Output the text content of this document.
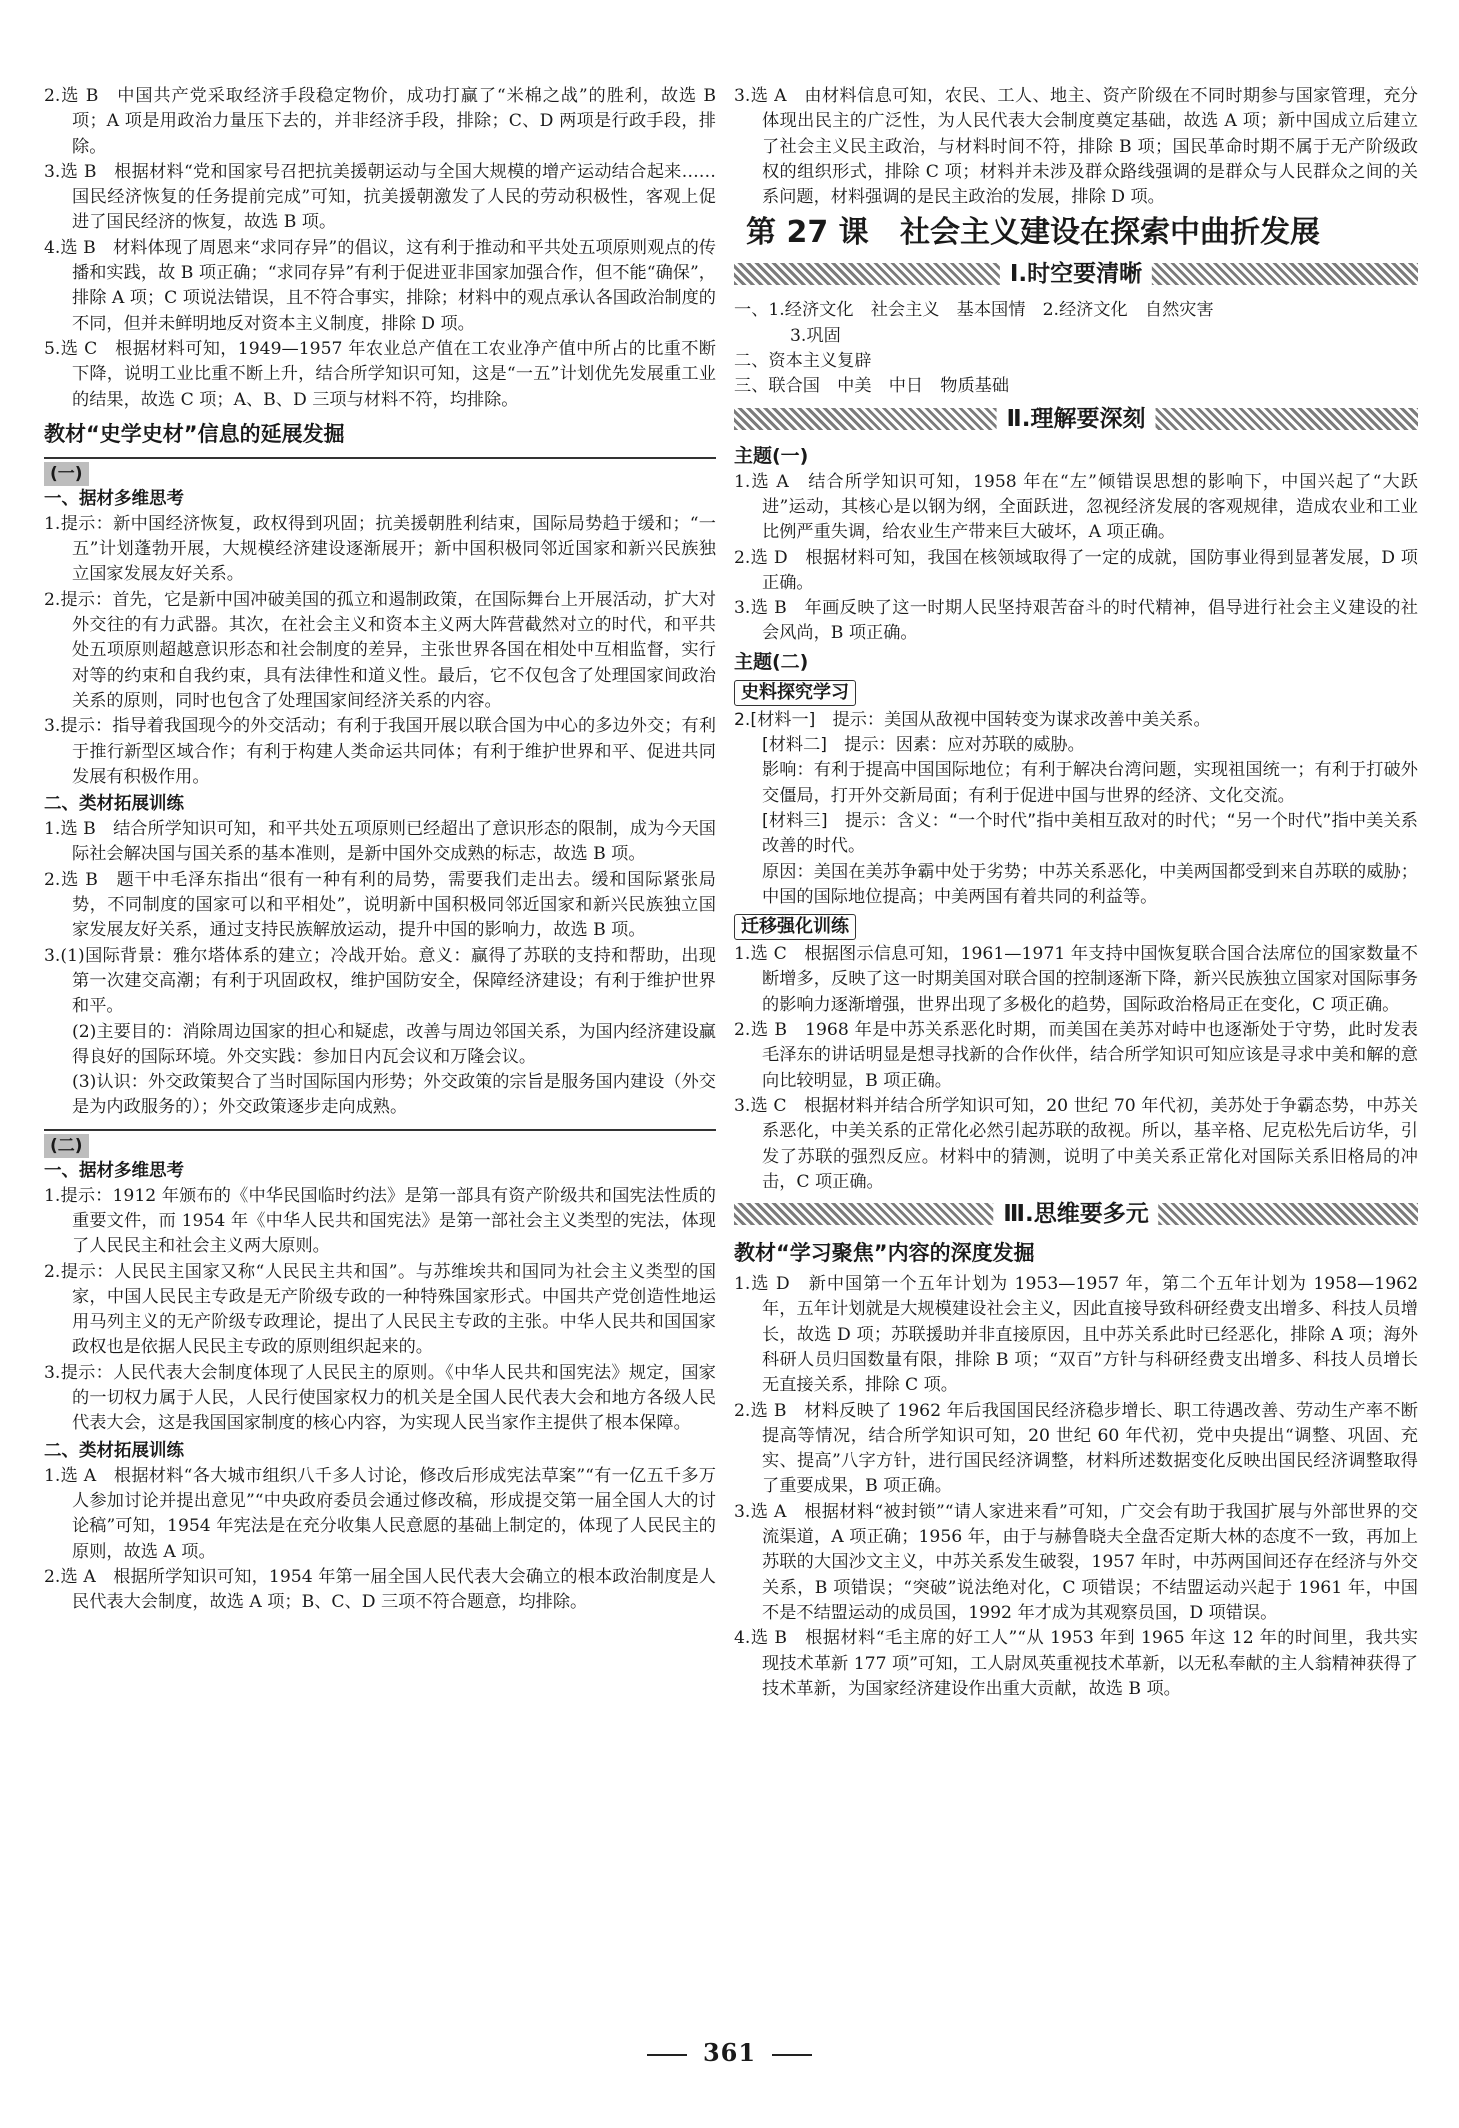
2.选 B　中国共产党采取经济手段稳定物价，成功打赢了“米棉之战”的胜利，故选 B 项；A 项是用政治力量压下去的，并非经济手段，排除；C、D 两项是行政手段，排除。

3.选 B　根据材料“党和国家号召把抗美援朝运动与全国大规模的增产运动结合起来……国民经济恢复的任务提前完成”可知，抗美援朝激发了人民的劳动积极性，客观上促进了国民经济的恢复，故选 B 项。

4.选 B　材料体现了周恩来“求同存异”的倡议，这有利于推动和平共处五项原则观点的传播和实践，故 B 项正确；“求同存异”有利于促进亚非国家加强合作，但不能“确保”，排除 A 项；C 项说法错误，且不符合事实，排除；材料中的观点承认各国政治制度的不同，但并未鲜明地反对资本主义制度，排除 D 项。

5.选 C　根据材料可知，1949—1957 年农业总产值在工农业净产值中所占的比重不断下降，说明工业比重不断上升，结合所学知识可知，这是“一五”计划优先发展重工业的结果，故选 C 项；A、B、D 三项与材料不符，均排除。

教材“史学史材”信息的延展发掘
(一)
一、据材多维思考

1.提示：新中国经济恢复，政权得到巩固；抗美援朝胜利结束，国际局势趋于缓和；“一五”计划蓬勃开展，大规模经济建设逐渐展开；新中国积极同邻近国家和新兴民族独立国家发展友好关系。

2.提示：首先，它是新中国冲破美国的孤立和遏制政策，在国际舞台上开展活动，扩大对外交往的有力武器。其次，在社会主义和资本主义两大阵营截然对立的时代，和平共处五项原则超越意识形态和社会制度的差异，主张世界各国在相处中互相监督，实行对等的约束和自我约束，具有法律性和道义性。最后，它不仅包含了处理国家间政治关系的原则，同时也包含了处理国家间经济关系的内容。

3.提示：指导着我国现今的外交活动；有利于我国开展以联合国为中心的多边外交；有利于推行新型区域合作；有利于构建人类命运共同体；有利于维护世界和平、促进共同发展有积极作用。

二、类材拓展训练

1.选 B　结合所学知识可知，和平共处五项原则已经超出了意识形态的限制，成为今天国际社会解决国与国关系的基本准则，是新中国外交成熟的标志，故选 B 项。

2.选 B　题干中毛泽东指出“很有一种有利的局势，需要我们走出去。缓和国际紧张局势，不同制度的国家可以和平相处”，说明新中国积极同邻近国家和新兴民族独立国家发展友好关系，通过支持民族解放运动，提升中国的影响力，故选 B 项。

3.(1)国际背景：雅尔塔体系的建立；冷战开始。意义：赢得了苏联的支持和帮助，出现第一次建交高潮；有利于巩固政权，维护国防安全，保障经济建设；有利于维护世界和平。

(2)主要目的：消除周边国家的担心和疑虑，改善与周边邻国关系，为国内经济建设赢得良好的国际环境。外交实践：参加日内瓦会议和万隆会议。

(3)认识：外交政策契合了当时国际国内形势；外交政策的宗旨是服务国内建设（外交是为内政服务的）；外交政策逐步走向成熟。

(二)
一、据材多维思考

1.提示：1912 年颁布的《中华民国临时约法》是第一部具有资产阶级共和国宪法性质的重要文件，而 1954 年《中华人民共和国宪法》是第一部社会主义类型的宪法，体现了人民民主和社会主义两大原则。

2.提示：人民民主国家又称“人民民主共和国”。与苏维埃共和国同为社会主义类型的国家，中国人民民主专政是无产阶级专政的一种特殊国家形式。中国共产党创造性地运用马列主义的无产阶级专政理论，提出了人民民主专政的主张。中华人民共和国国家政权也是依据人民民主专政的原则组织起来的。

3.提示：人民代表大会制度体现了人民民主的原则。《中华人民共和国宪法》规定，国家的一切权力属于人民，人民行使国家权力的机关是全国人民代表大会和地方各级人民代表大会，这是我国国家制度的核心内容，为实现人民当家作主提供了根本保障。

二、类材拓展训练

1.选 A　根据材料“各大城市组织八千多人讨论，修改后形成宪法草案”“有一亿五千多万人参加讨论并提出意见”“中央政府委员会通过修改稿，形成提交第一届全国人大的讨论稿”可知，1954 年宪法是在充分收集人民意愿的基础上制定的，体现了人民民主的原则，故选 A 项。

2.选 A　根据所学知识可知，1954 年第一届全国人民代表大会确立的根本政治制度是人民代表大会制度，故选 A 项；B、C、D 三项不符合题意，均排除。

3.选 A　由材料信息可知，农民、工人、地主、资产阶级在不同时期参与国家管理，充分体现出民主的广泛性，为人民代表大会制度奠定基础，故选 A 项；新中国成立后建立了社会主义民主政治，与材料时间不符，排除 B 项；国民革命时期不属于无产阶级政权的组织形式，排除 C 项；材料并未涉及群众路线强调的是群众与人民群众之间的关系问题，材料强调的是民主政治的发展，排除 D 项。

第 27 课 社会主义建设在探索中曲折发展
Ⅰ.时空要清晰

一、1.经济文化　社会主义　基本国情　2.经济文化　自然灾害

3.巩固

二、资本主义复辟

三、联合国　中美　中日　物质基础

Ⅱ.理解要深刻
主题(一)

1.选 A　结合所学知识可知，1958 年在“左”倾错误思想的影响下，中国兴起了“大跃进”运动，其核心是以钢为纲，全面跃进，忽视经济发展的客观规律，造成农业和工业比例严重失调，给农业生产带来巨大破坏，A 项正确。

2.选 D　根据材料可知，我国在核领域取得了一定的成就，国防事业得到显著发展，D 项正确。

3.选 B　年画反映了这一时期人民坚持艰苦奋斗的时代精神，倡导进行社会主义建设的社会风尚，B 项正确。

主题(二)
史料探究学习

2.[材料一]　提示：美国从敌视中国转变为谋求改善中美关系。

[材料二]　提示：因素：应对苏联的威胁。

影响：有利于提高中国国际地位；有利于解决台湾问题，实现祖国统一；有利于打破外交僵局，打开外交新局面；有利于促进中国与世界的经济、文化交流。

[材料三]　提示：含义：“一个时代”指中美相互敌对的时代；“另一个时代”指中美关系改善的时代。

原因：美国在美苏争霸中处于劣势；中苏关系恶化，中美两国都受到来自苏联的威胁；中国的国际地位提高；中美两国有着共同的利益等。

迁移强化训练

1.选 C　根据图示信息可知，1961—1971 年支持中国恢复联合国合法席位的国家数量不断增多，反映了这一时期美国对联合国的控制逐渐下降，新兴民族独立国家对国际事务的影响力逐渐增强，世界出现了多极化的趋势，国际政治格局正在变化，C 项正确。

2.选 B　1968 年是中苏关系恶化时期，而美国在美苏对峙中也逐渐处于守势，此时发表毛泽东的讲话明显是想寻找新的合作伙伴，结合所学知识可知应该是寻求中美和解的意向比较明显，B 项正确。

3.选 C　根据材料并结合所学知识可知，20 世纪 70 年代初，美苏处于争霸态势，中苏关系恶化，中美关系的正常化必然引起苏联的敌视。所以，基辛格、尼克松先后访华，引发了苏联的强烈反应。材料中的猜测，说明了中美关系正常化对国际关系旧格局的冲击，C 项正确。

Ⅲ.思维要多元
教材“学习聚焦”内容的深度发掘

1.选 D　新中国第一个五年计划为 1953—1957 年，第二个五年计划为 1958—1962 年，五年计划就是大规模建设社会主义，因此直接导致科研经费支出增多、科技人员增长，故选 D 项；苏联援助并非直接原因，且中苏关系此时已经恶化，排除 A 项；海外科研人员归国数量有限，排除 B 项；“双百”方针与科研经费支出增多、科技人员增长无直接关系，排除 C 项。

2.选 B　材料反映了 1962 年后我国国民经济稳步增长、职工待遇改善、劳动生产率不断提高等情况，结合所学知识可知，20 世纪 60 年代初，党中央提出“调整、巩固、充实、提高”八字方针，进行国民经济调整，材料所述数据变化反映出国民经济调整取得了重要成果，B 项正确。

3.选 A　根据材料“被封锁”“请人家进来看”可知，广交会有助于我国扩展与外部世界的交流渠道，A 项正确；1956 年，由于与赫鲁晓夫全盘否定斯大林的态度不一致，再加上苏联的大国沙文主义，中苏关系发生破裂，1957 年时，中苏两国间还存在经济与外交关系，B 项错误；“突破”说法绝对化，C 项错误；不结盟运动兴起于 1961 年，中国不是不结盟运动的成员国，1992 年才成为其观察员国，D 项错误。

4.选 B　根据材料“毛主席的好工人”“从 1953 年到 1965 年这 12 年的时间里，我共实现技术革新 177 项”可知，工人尉凤英重视技术革新，以无私奉献的主人翁精神获得了技术革新，为国家经济建设作出重大贡献，故选 B 项。

361
